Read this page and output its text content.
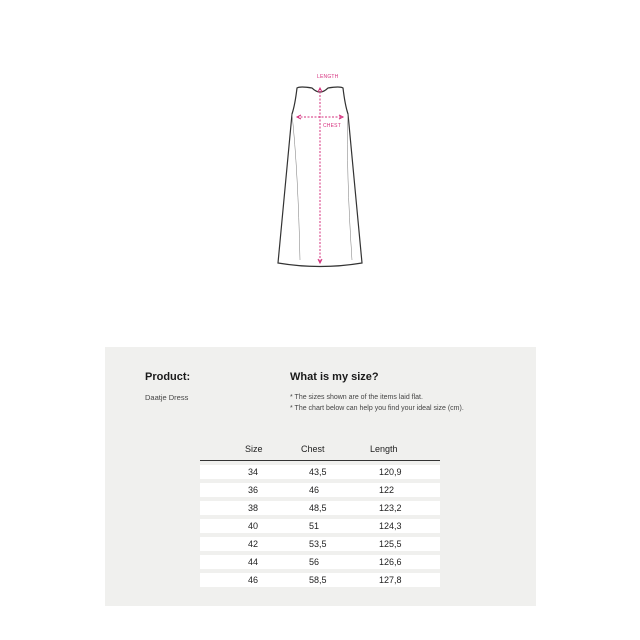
LENGTH
CHEST
Product:
Daatje Dress
What is my size?
* The sizes shown are of the items laid flat.
* The chart below can help you find your ideal size (cm).
Size	Chest	Length
34	43,5	120,9
36	46	122
38	48,5	123,2
40	51	124,3
42	53,5	125,5
44	56	126,6
46	58,5	127,8
